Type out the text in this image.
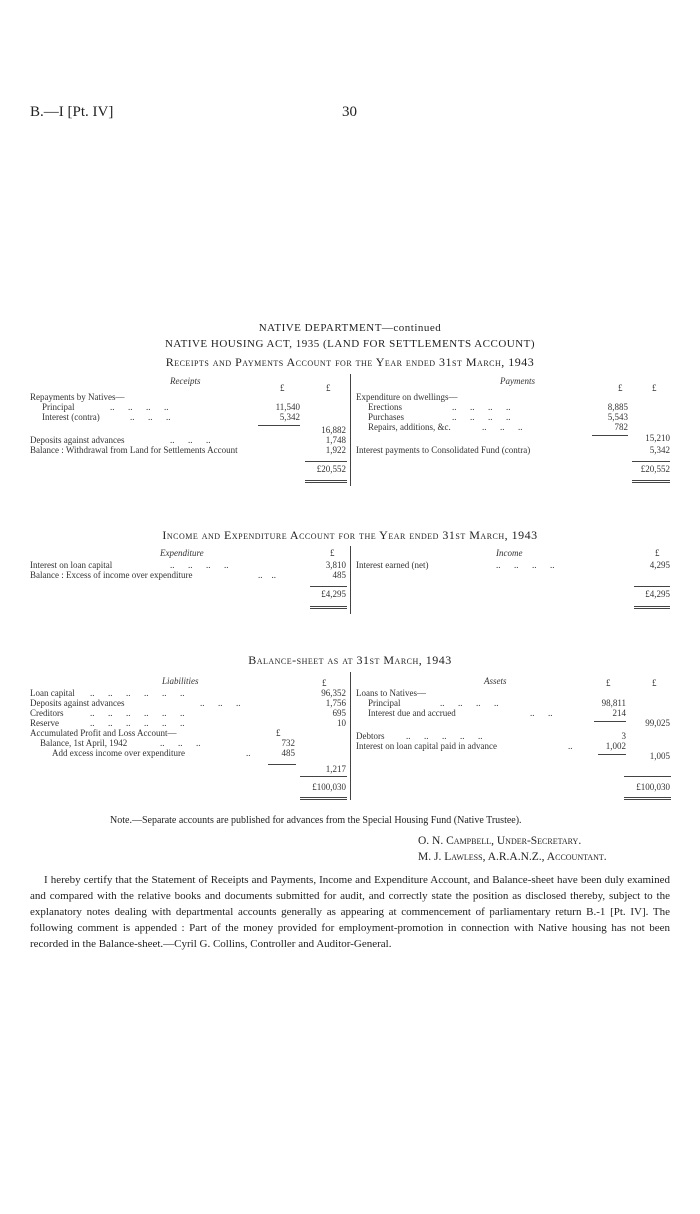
B.—I [Pt. IV]	30
NATIVE DEPARTMENT—continued
NATIVE HOUSING ACT, 1935 (LAND FOR SETTLEMENTS ACCOUNT)
Receipts and Payments Account for the Year ended 31st March, 1943
Receipts
£	£
Repayments by Natives—
Principal	..      ..      ..      ..	11,540
Interest (contra)	..      ..      ..	5,342
16,882
Deposits against advances	..      ..      ..	1,748
Balance : Withdrawal from Land for Settlements Account	1,922
£20,552
Payments
£	£
Expenditure on dwellings—
Erections	..      ..      ..      ..	8,885
Purchases	..      ..      ..      ..	5,543
Repairs, additions, &c.	..      ..      ..	782
15,210
Interest payments to Consolidated Fund (contra)	5,342
£20,552
Income and Expenditure Account for the Year ended 31st March, 1943
Expenditure	£
Interest on loan capital	..      ..      ..      ..	3,810
Balance : Excess of income over expenditure	..    ..	485
£4,295
Income	£
Interest earned (net)	..      ..      ..      ..	4,295
£4,295
Balance-sheet as at 31st March, 1943
Liabilities	£
Loan capital ..      ..      ..      ..      ..      ..	96,352
Deposits against advances	..      ..      ..	1,756
Creditors	..      ..      ..      ..      ..      ..	695
Reserve	..      ..      ..      ..      ..      ..	10
Accumulated Profit and Loss Account—	£
Balance, 1st April, 1942	..      ..      ..	732
Add excess income over expenditure	..	485
1,217
£100,030
Assets	£	£
Loans to Natives—
Principal	..      ..      ..      ..	98,811
Interest due and accrued	..      ..	214
99,025
Debtors ..      ..      ..      ..      ..	3
Interest on loan capital paid in advance	..	1,002
1,005
£100,030
Note.—Separate accounts are published for advances from the Special Housing Fund (Native Trustee).
O. N. Campbell, Under-Secretary.
M. J. Lawless, A.R.A.N.Z., Accountant.
I hereby certify that the Statement of Receipts and Payments, Income and Expenditure Account, and Balance-sheet have been duly examined and compared with the relative books and documents submitted for audit, and correctly state the position as disclosed thereby, subject to the explanatory notes dealing with departmental accounts generally as appearing at commencement of parliamentary return B.-1 [Pt. IV]. The following comment is appended : Part of the money provided for employment-promotion in connection with Native housing has not been recorded in the Balance-sheet.—Cyril G. Collins, Controller and Auditor-General.
